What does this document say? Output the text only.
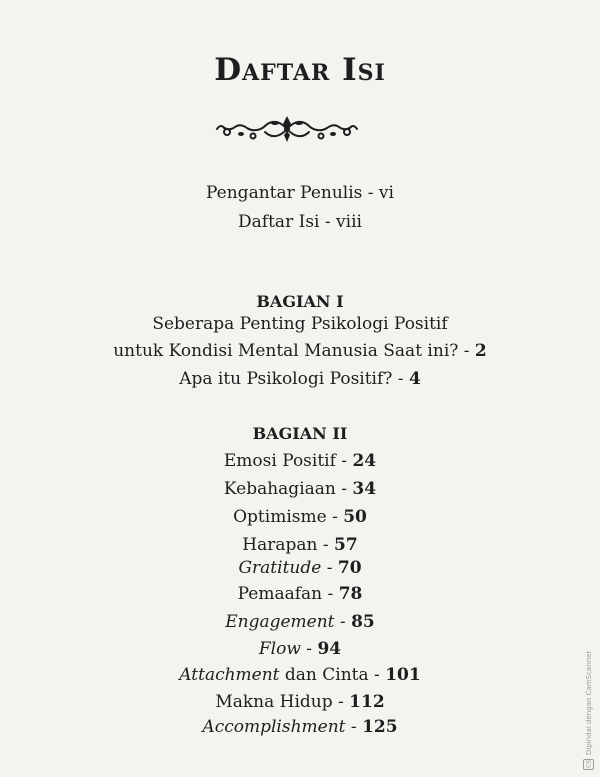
Daftar Isi
Pengantar Penulis - vi
Daftar Isi - viii
BAGIAN I
Seberapa Penting Psikologi Positif
untuk Kondisi Mental Manusia Saat ini? - 2
Apa itu Psikologi Positif? - 4
BAGIAN II
Emosi Positif - 24
Kebahagiaan - 34
Optimisme - 50
Harapan - 57
Gratitude - 70
Pemaafan - 78
Engagement - 85
Flow - 94
Attachment dan Cinta - 101
Makna Hidup - 112
Accomplishment - 125
CS
Dipindai dengan CamScanner
